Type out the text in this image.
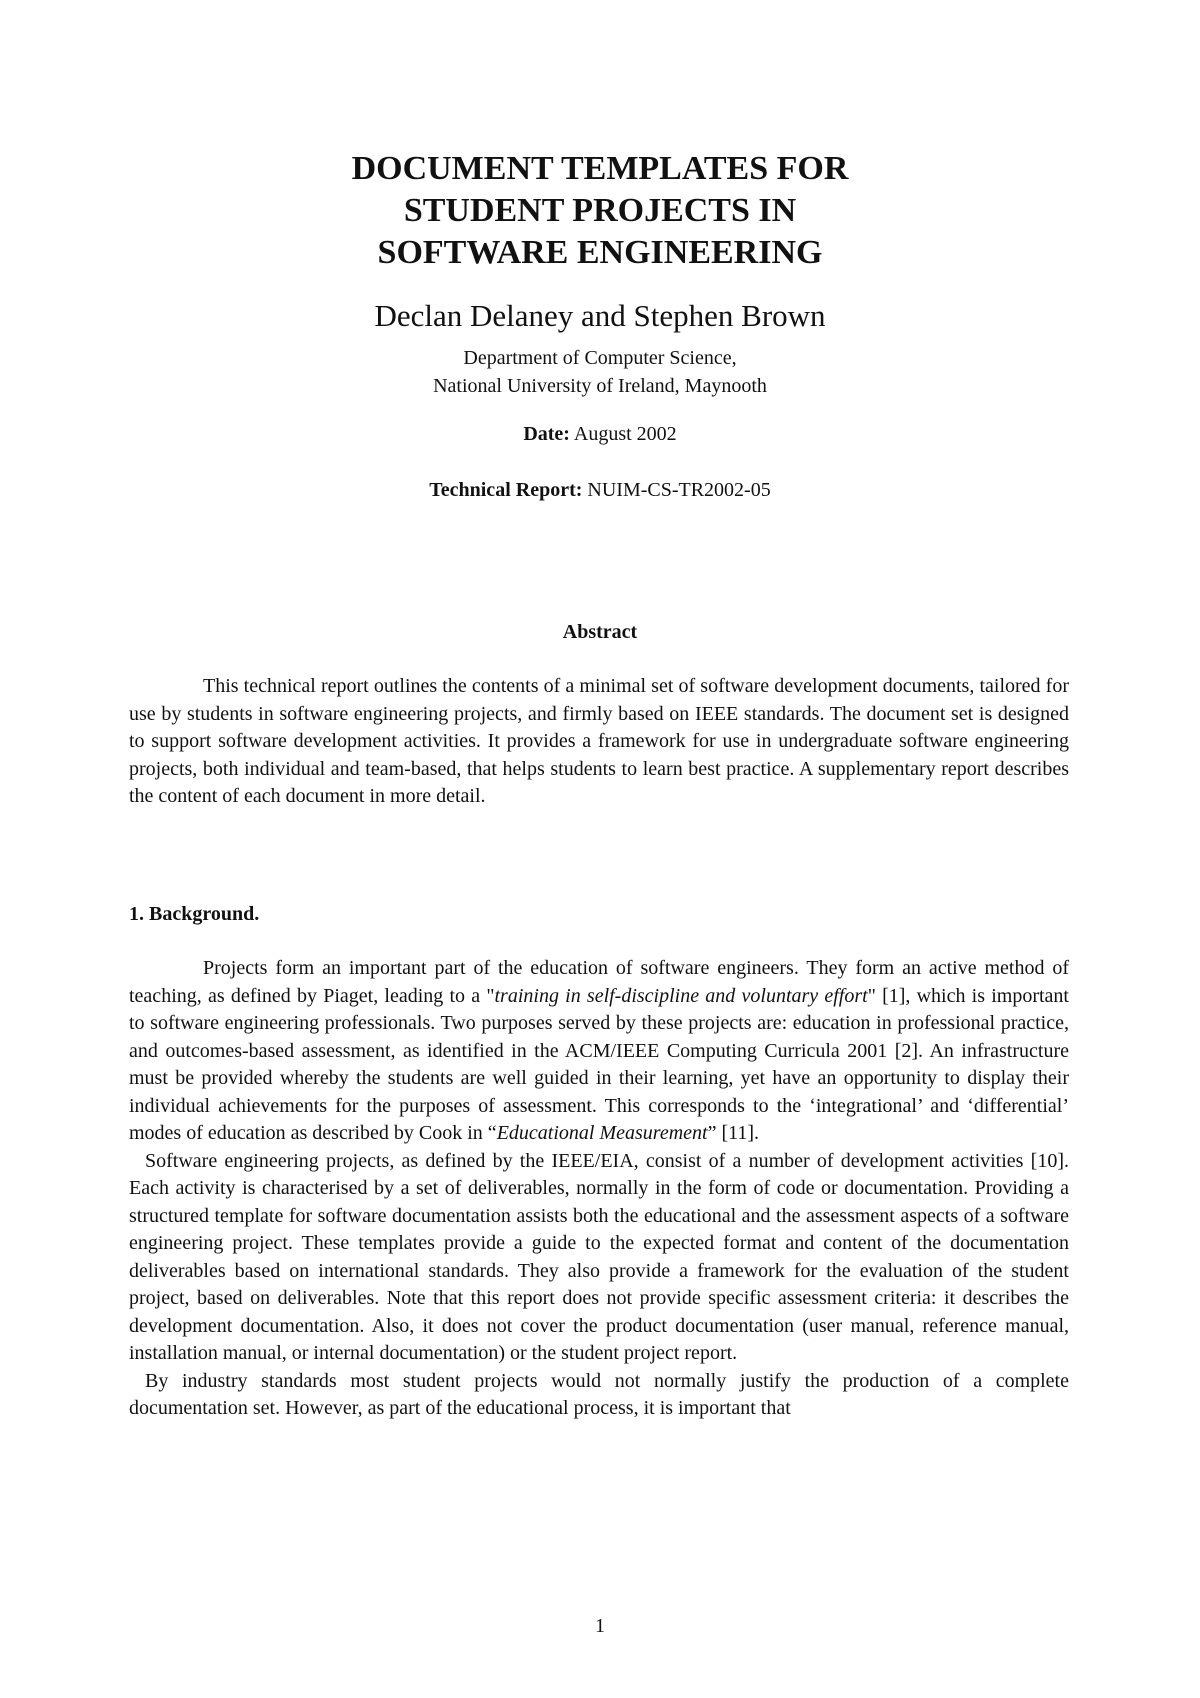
DOCUMENT TEMPLATES FOR
STUDENT PROJECTS IN
SOFTWARE ENGINEERING
Declan Delaney and Stephen Brown
Department of Computer Science,
National University of Ireland, Maynooth
Date: August 2002
Technical Report: NUIM-CS-TR2002-05
Abstract

This technical report outlines the contents of a minimal set of software development documents, tailored for use by students in software engineering projects, and firmly based on IEEE standards. The document set is designed to support software development activities. It provides a framework for use in undergraduate software engineering projects, both individual and team-based, that helps students to learn best practice. A supplementary report describes the content of each document in more detail.

1. Background.

Projects form an important part of the education of software engineers. They form an active method of teaching, as defined by Piaget, leading to a "training in self-discipline and voluntary effort" [1], which is important to software engineering professionals. Two purposes served by these projects are: education in professional practice, and outcomes-based assessment, as identified in the ACM/IEEE Computing Curricula 2001 [2]. An infrastructure must be provided whereby the students are well guided in their learning, yet have an opportunity to display their individual achievements for the purposes of assessment. This corresponds to the ‘integrational’ and ‘differential’ modes of education as described by Cook in “Educational Measurement” [11].

Software engineering projects, as defined by the IEEE/EIA, consist of a number of development activities [10]. Each activity is characterised by a set of deliverables, normally in the form of code or documentation. Providing a structured template for software documentation assists both the educational and the assessment aspects of a software engineering project. These templates provide a guide to the expected format and content of the documentation deliverables based on international standards. They also provide a framework for the evaluation of the student project, based on deliverables. Note that this report does not provide specific assessment criteria: it describes the development documentation. Also, it does not cover the product documentation (user manual, reference manual, installation manual, or internal documentation) or the student project report.

By industry standards most student projects would not normally justify the production of a complete documentation set. However, as part of the educational process, it is important that

1
